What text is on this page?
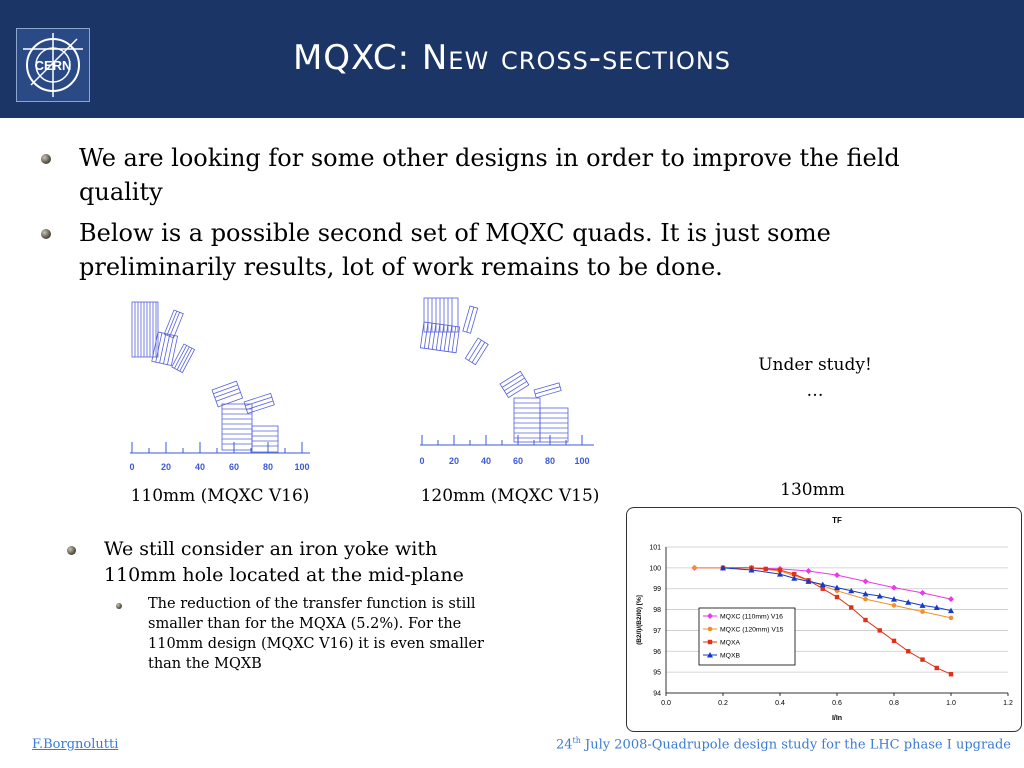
CERN	MQXC: New cross-sections
We are looking for some other designs in order to improve the field quality
Below is a possible second set of MQXC quads. It is just some preliminarily results, lot of work remains to be done.
0	20	40	60	80 100
0	20 40 60 80 100
Under study!
…
110mm (MQXC V16)	120mm (MQXC V15)	130mm
We still consider an iron yoke with 110mm hole located at the mid-plane
The reduction of the transfer function is still smaller than for the MQXA (5.2%). For the 110mm design (MQXC V16) it is even smaller than the MQXB
TF
94
95
96
97
98
99
100
101
0.0	0.2	0.4	0.6	0.8	1.0	1.2
I/In
(B2/I)/(B2/I0) [%]	MQXC (110mm) V16
MQXC (120mm) V15
MQXA
MQXB
F.Borgnolutti	24th July 2008-Quadrupole design study for the LHC phase I upgrade
